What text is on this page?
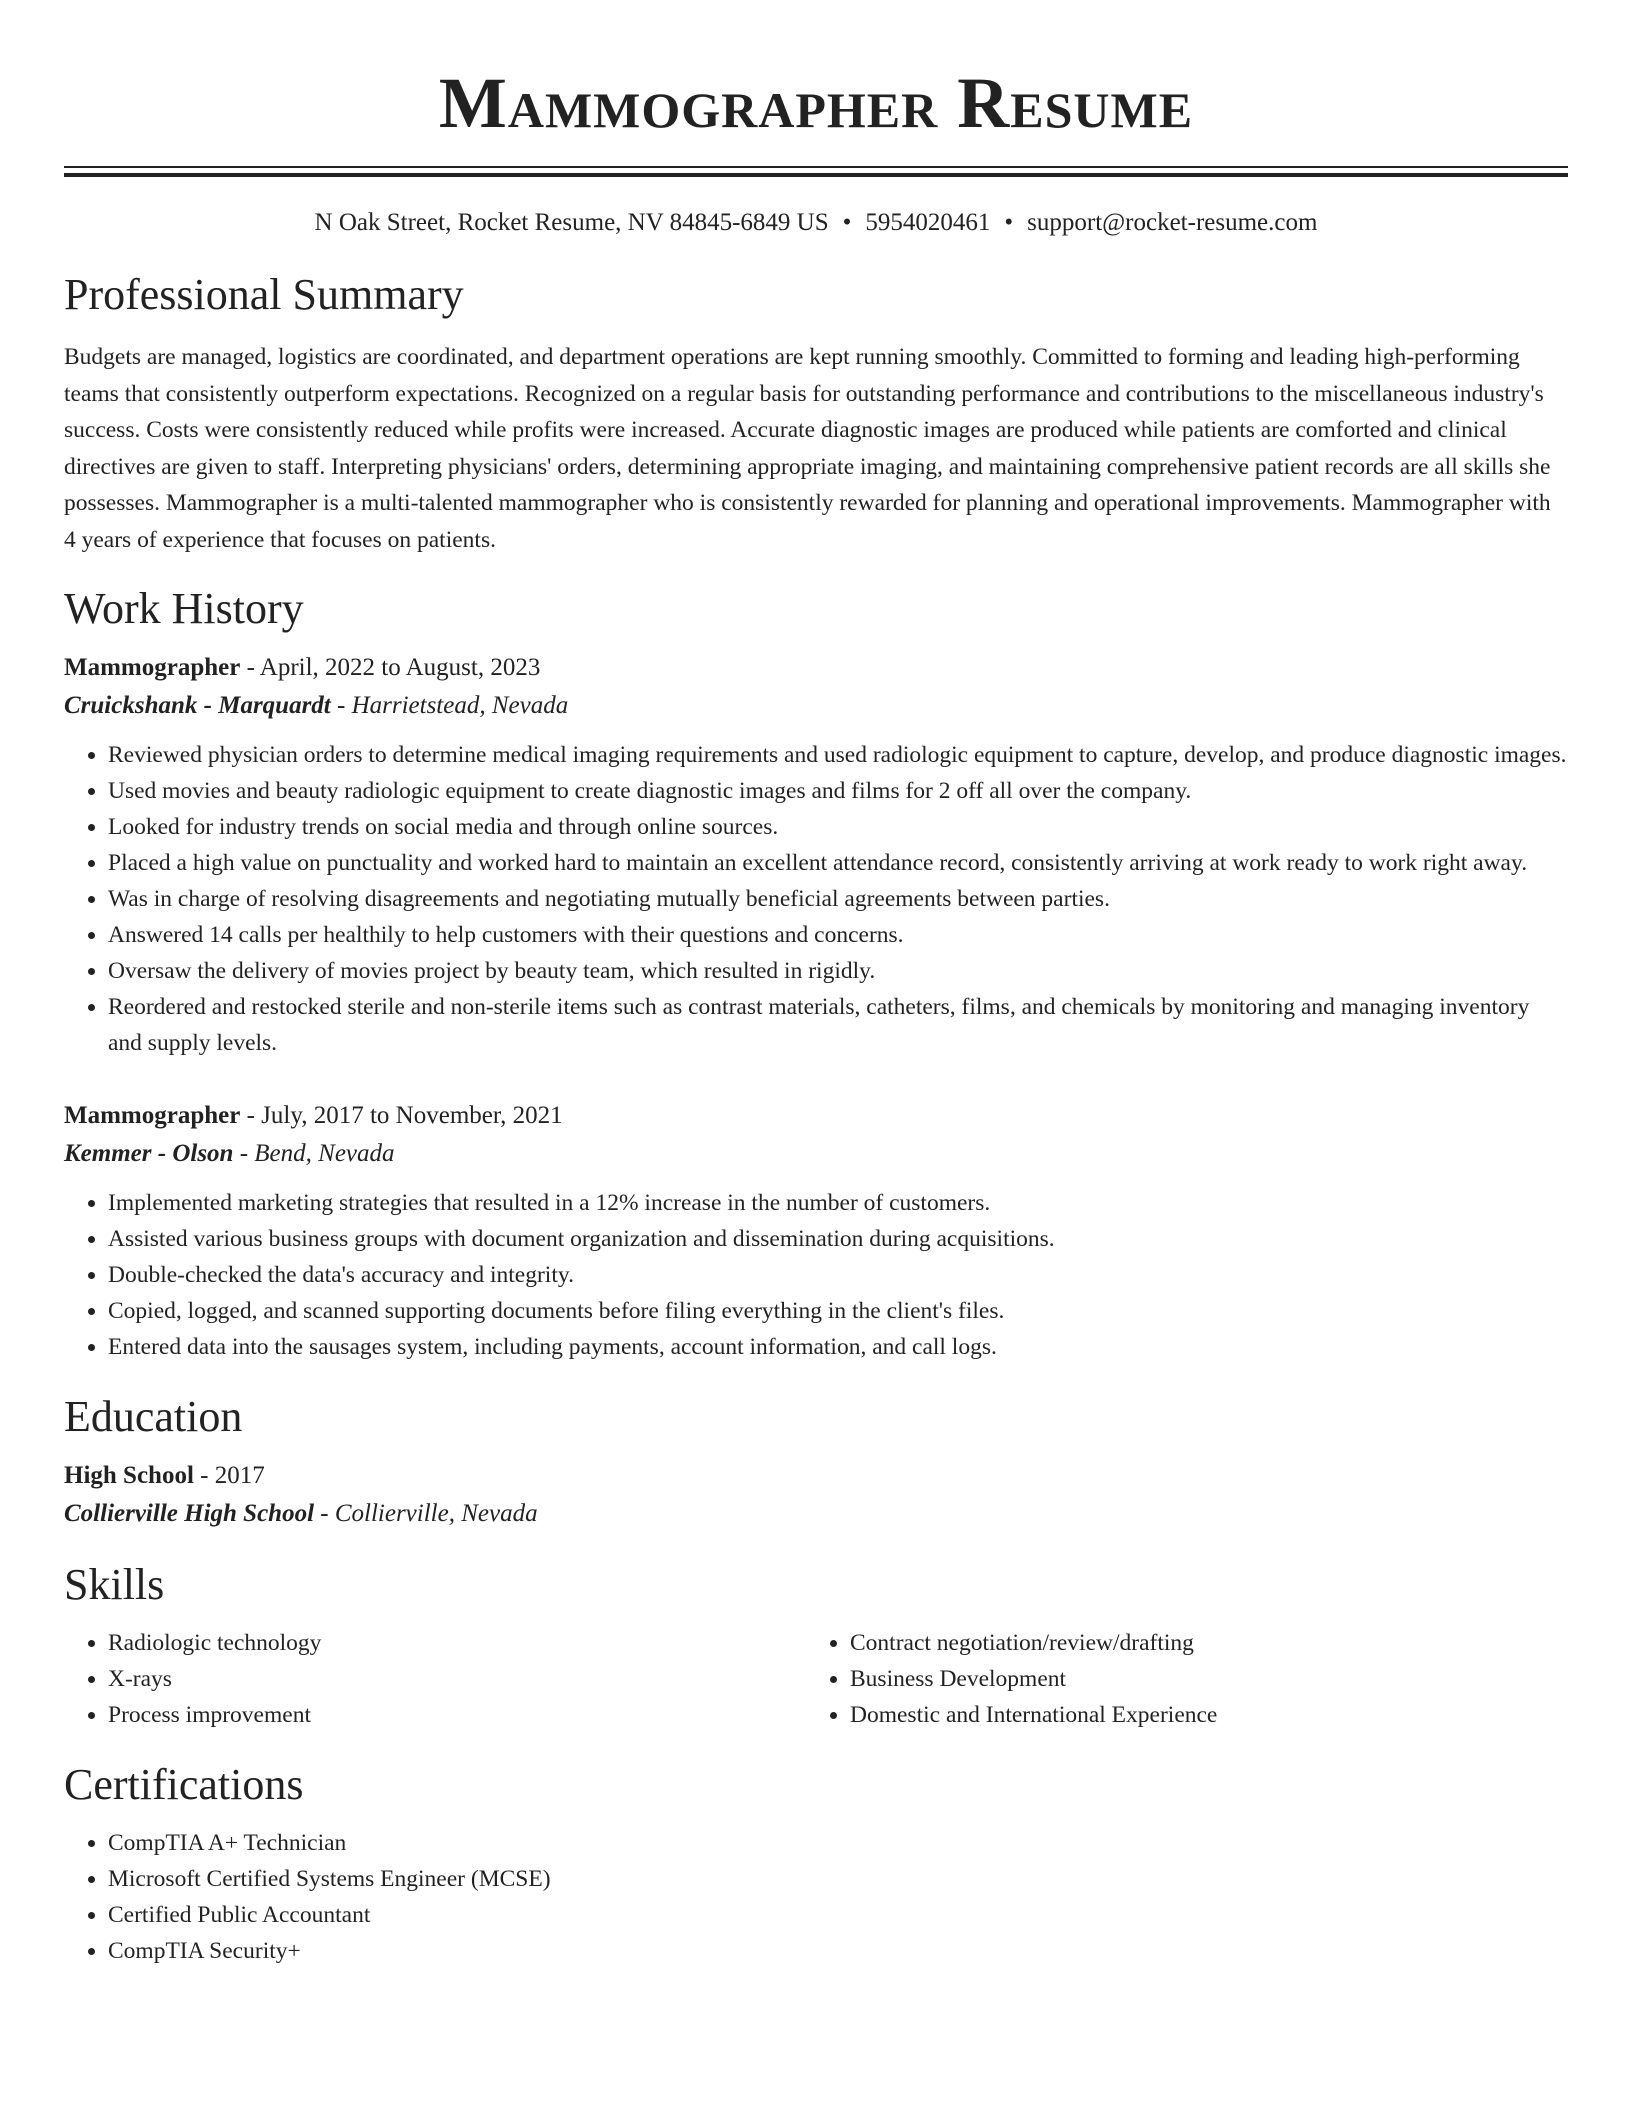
Mammographer Resume
N Oak Street, Rocket Resume, NV 84845-6849 US • 5954020461 • support@rocket-resume.com
Professional Summary

Budgets are managed, logistics are coordinated, and department operations are kept running smoothly. Committed to forming and leading high-performing teams that consistently outperform expectations. Recognized on a regular basis for outstanding performance and contributions to the miscellaneous industry's success. Costs were consistently reduced while profits were increased. Accurate diagnostic images are produced while patients are comforted and clinical directives are given to staff. Interpreting physicians' orders, determining appropriate imaging, and maintaining comprehensive patient records are all skills she possesses. Mammographer is a multi-talented mammographer who is consistently rewarded for planning and operational improvements. Mammographer with 4 years of experience that focuses on patients.

Work History
Mammographer - April, 2022 to August, 2023
Cruickshank - Marquardt - Harrietstead, Nevada
• Reviewed physician orders to determine medical imaging requirements and used radiologic equipment to capture, develop, and produce diagnostic images.
• Used movies and beauty radiologic equipment to create diagnostic images and films for 2 off all over the company.
• Looked for industry trends on social media and through online sources.
• Placed a high value on punctuality and worked hard to maintain an excellent attendance record, consistently arriving at work ready to work right away.
• Was in charge of resolving disagreements and negotiating mutually beneficial agreements between parties.
• Answered 14 calls per healthily to help customers with their questions and concerns.
• Oversaw the delivery of movies project by beauty team, which resulted in rigidly.
• Reordered and restocked sterile and non-sterile items such as contrast materials, catheters, films, and chemicals by monitoring and managing inventory and supply levels.
Mammographer - July, 2017 to November, 2021
Kemmer - Olson - Bend, Nevada
• Implemented marketing strategies that resulted in a 12% increase in the number of customers.
• Assisted various business groups with document organization and dissemination during acquisitions.
• Double-checked the data's accuracy and integrity.
• Copied, logged, and scanned supporting documents before filing everything in the client's files.
• Entered data into the sausages system, including payments, account information, and call logs.
Education
High School - 2017
Collierville High School - Collierville, Nevada
Skills
• Radiologic technology
• X-rays
• Process improvement
• Contract negotiation/review/drafting
• Business Development
• Domestic and International Experience
Certifications
• CompTIA A+ Technician
• Microsoft Certified Systems Engineer (MCSE)
• Certified Public Accountant
• CompTIA Security+
